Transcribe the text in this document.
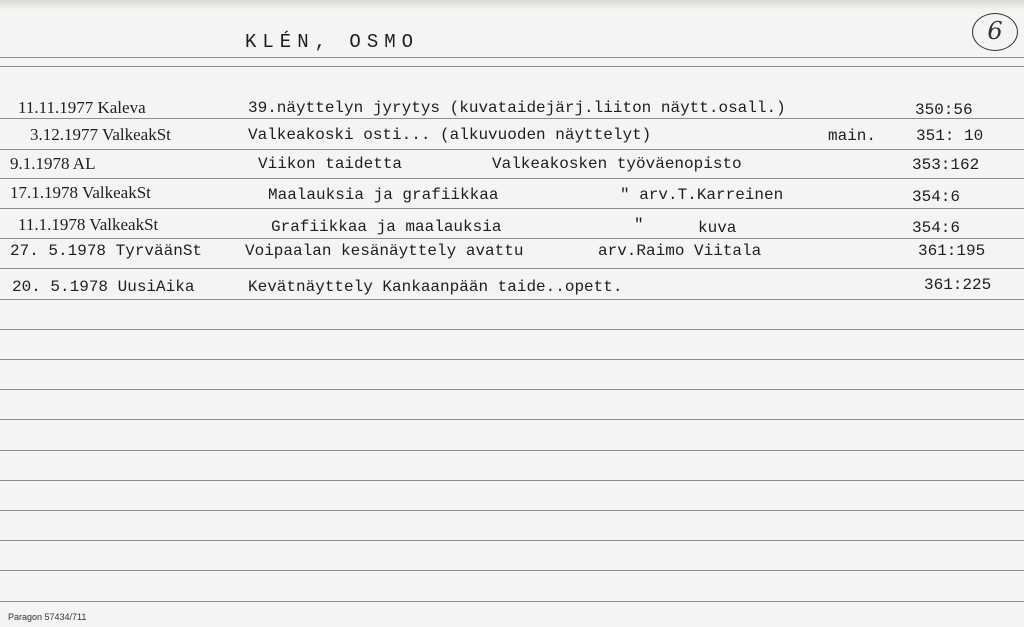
KLÉN, OSMO	6
11.11.1977 Kaleva	39.näyttelyn jyrytys (kuvataidejärj.liiton näytt.osall.)	350:56
3.12.1977 ValkeakSt	Valkeakoski osti... (alkuvuoden näyttelyt)	main. 351: 10
9.1.1978 AL	Viikon taidetta	Valkeakosken työväenopisto	353:162
17.1.1978 ValkeakSt	Maalauksia ja grafiikkaa	" arv.T.Karreinen	354:6
11.1.1978 ValkeakSt	Grafiikkaa ja maalauksia	"	kuva	354:6
27. 5.1978 TyrväänSt	Voipaalan kesänäyttely avattu	arv.Raimo Viitala	361:195
20. 5.1978 UusiAika	Kevätnäyttely Kankaanpään taide..opett.	361:225
Paragon 57434/711
